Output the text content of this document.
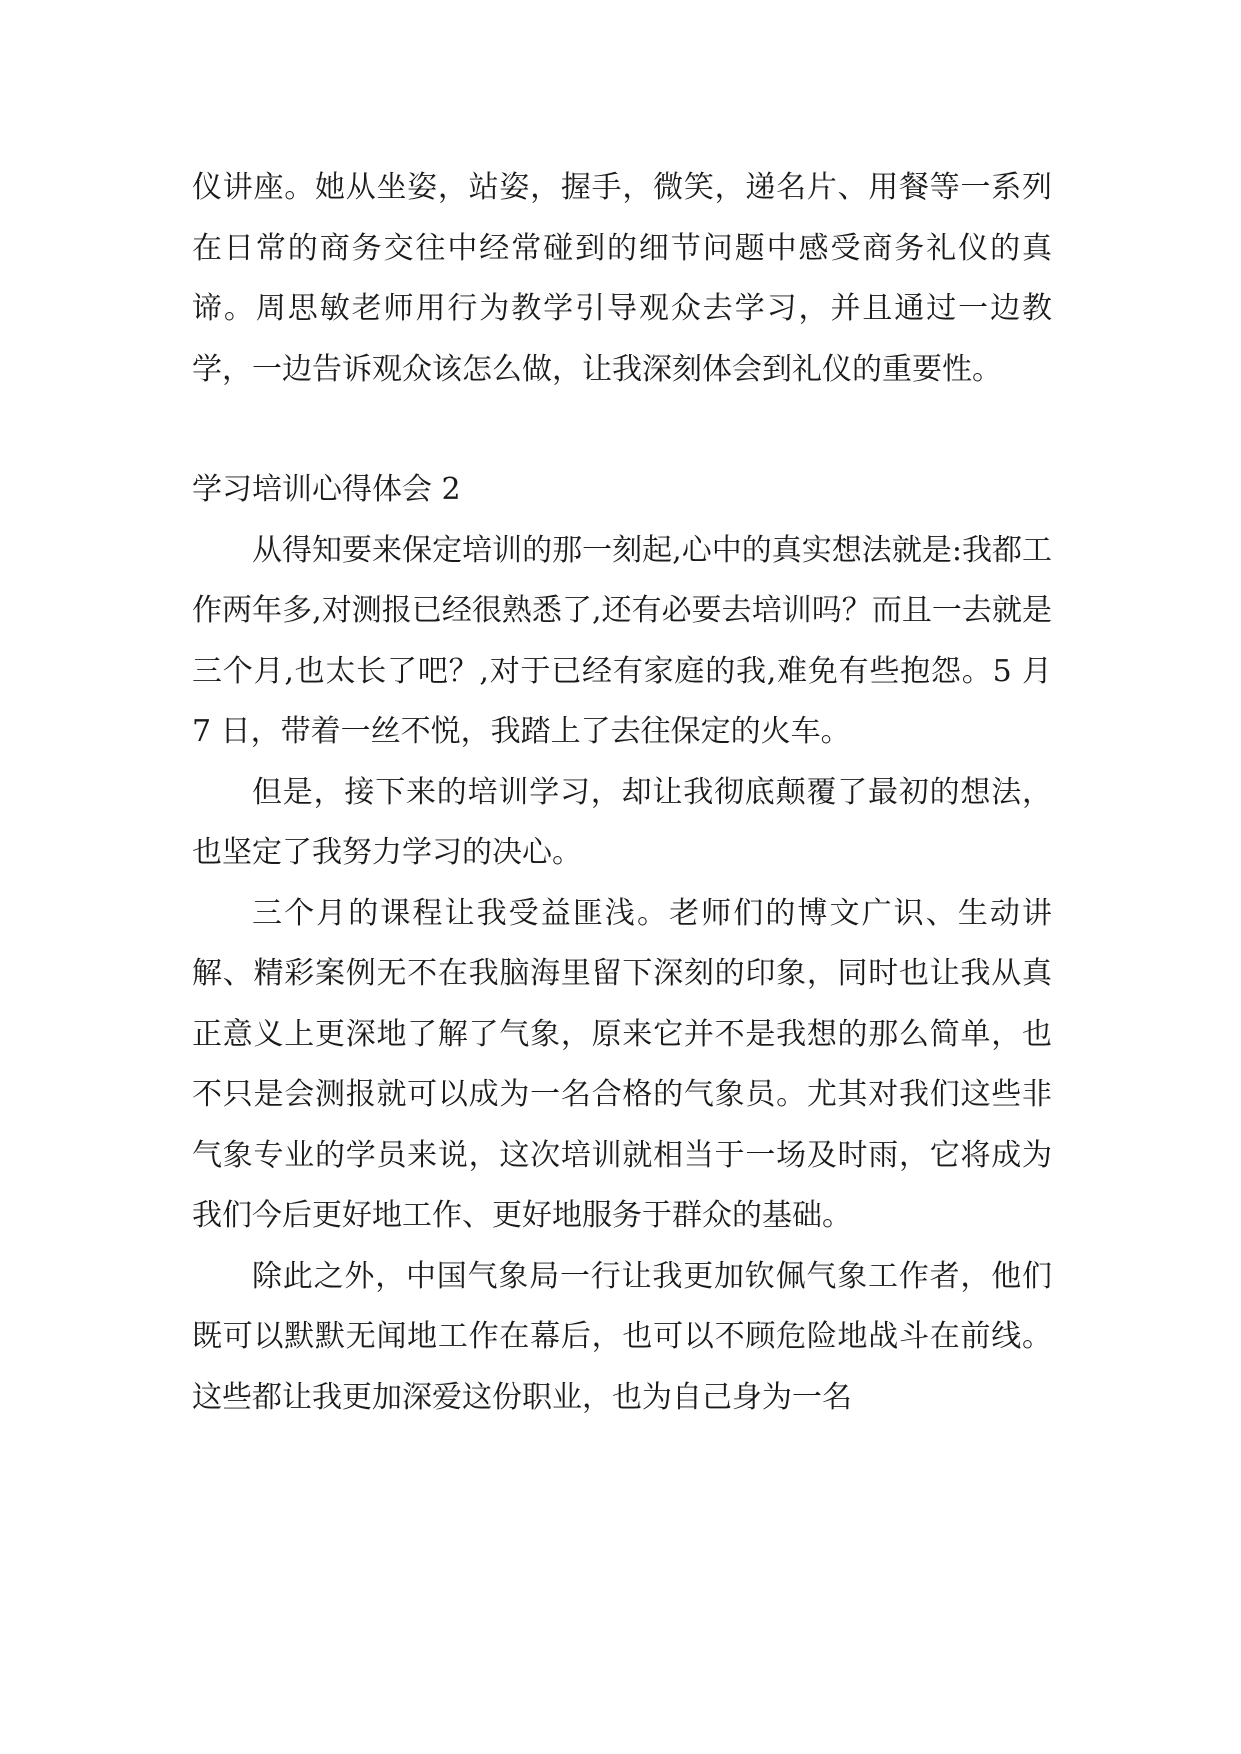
仪讲座。她从坐姿，站姿，握手，微笑，递名片、用餐等一系列在日常的商务交往中经常碰到的细节问题中感受商务礼仪的真谛。周思敏老师用行为教学引导观众去学习，并且通过一边教学，一边告诉观众该怎么做，让我深刻体会到礼仪的重要性。

学习培训心得体会 2

从得知要来保定培训的那一刻起,心中的真实想法就是:我都工作两年多,对测报已经很熟悉了,还有必要去培训吗？而且一去就是三个月,也太长了吧？,对于已经有家庭的我,难免有些抱怨。5 月 7 日，带着一丝不悦，我踏上了去往保定的火车。

但是，接下来的培训学习，却让我彻底颠覆了最初的想法，也坚定了我努力学习的决心。

三个月的课程让我受益匪浅。老师们的博文广识、生动讲解、精彩案例无不在我脑海里留下深刻的印象，同时也让我从真正意义上更深地了解了气象，原来它并不是我想的那么简单，也不只是会测报就可以成为一名合格的气象员。尤其对我们这些非气象专业的学员来说，这次培训就相当于一场及时雨，它将成为我们今后更好地工作、更好地服务于群众的基础。

除此之外，中国气象局一行让我更加钦佩气象工作者，他们既可以默默无闻地工作在幕后，也可以不顾危险地战斗在前线。这些都让我更加深爱这份职业，也为自己身为一名
